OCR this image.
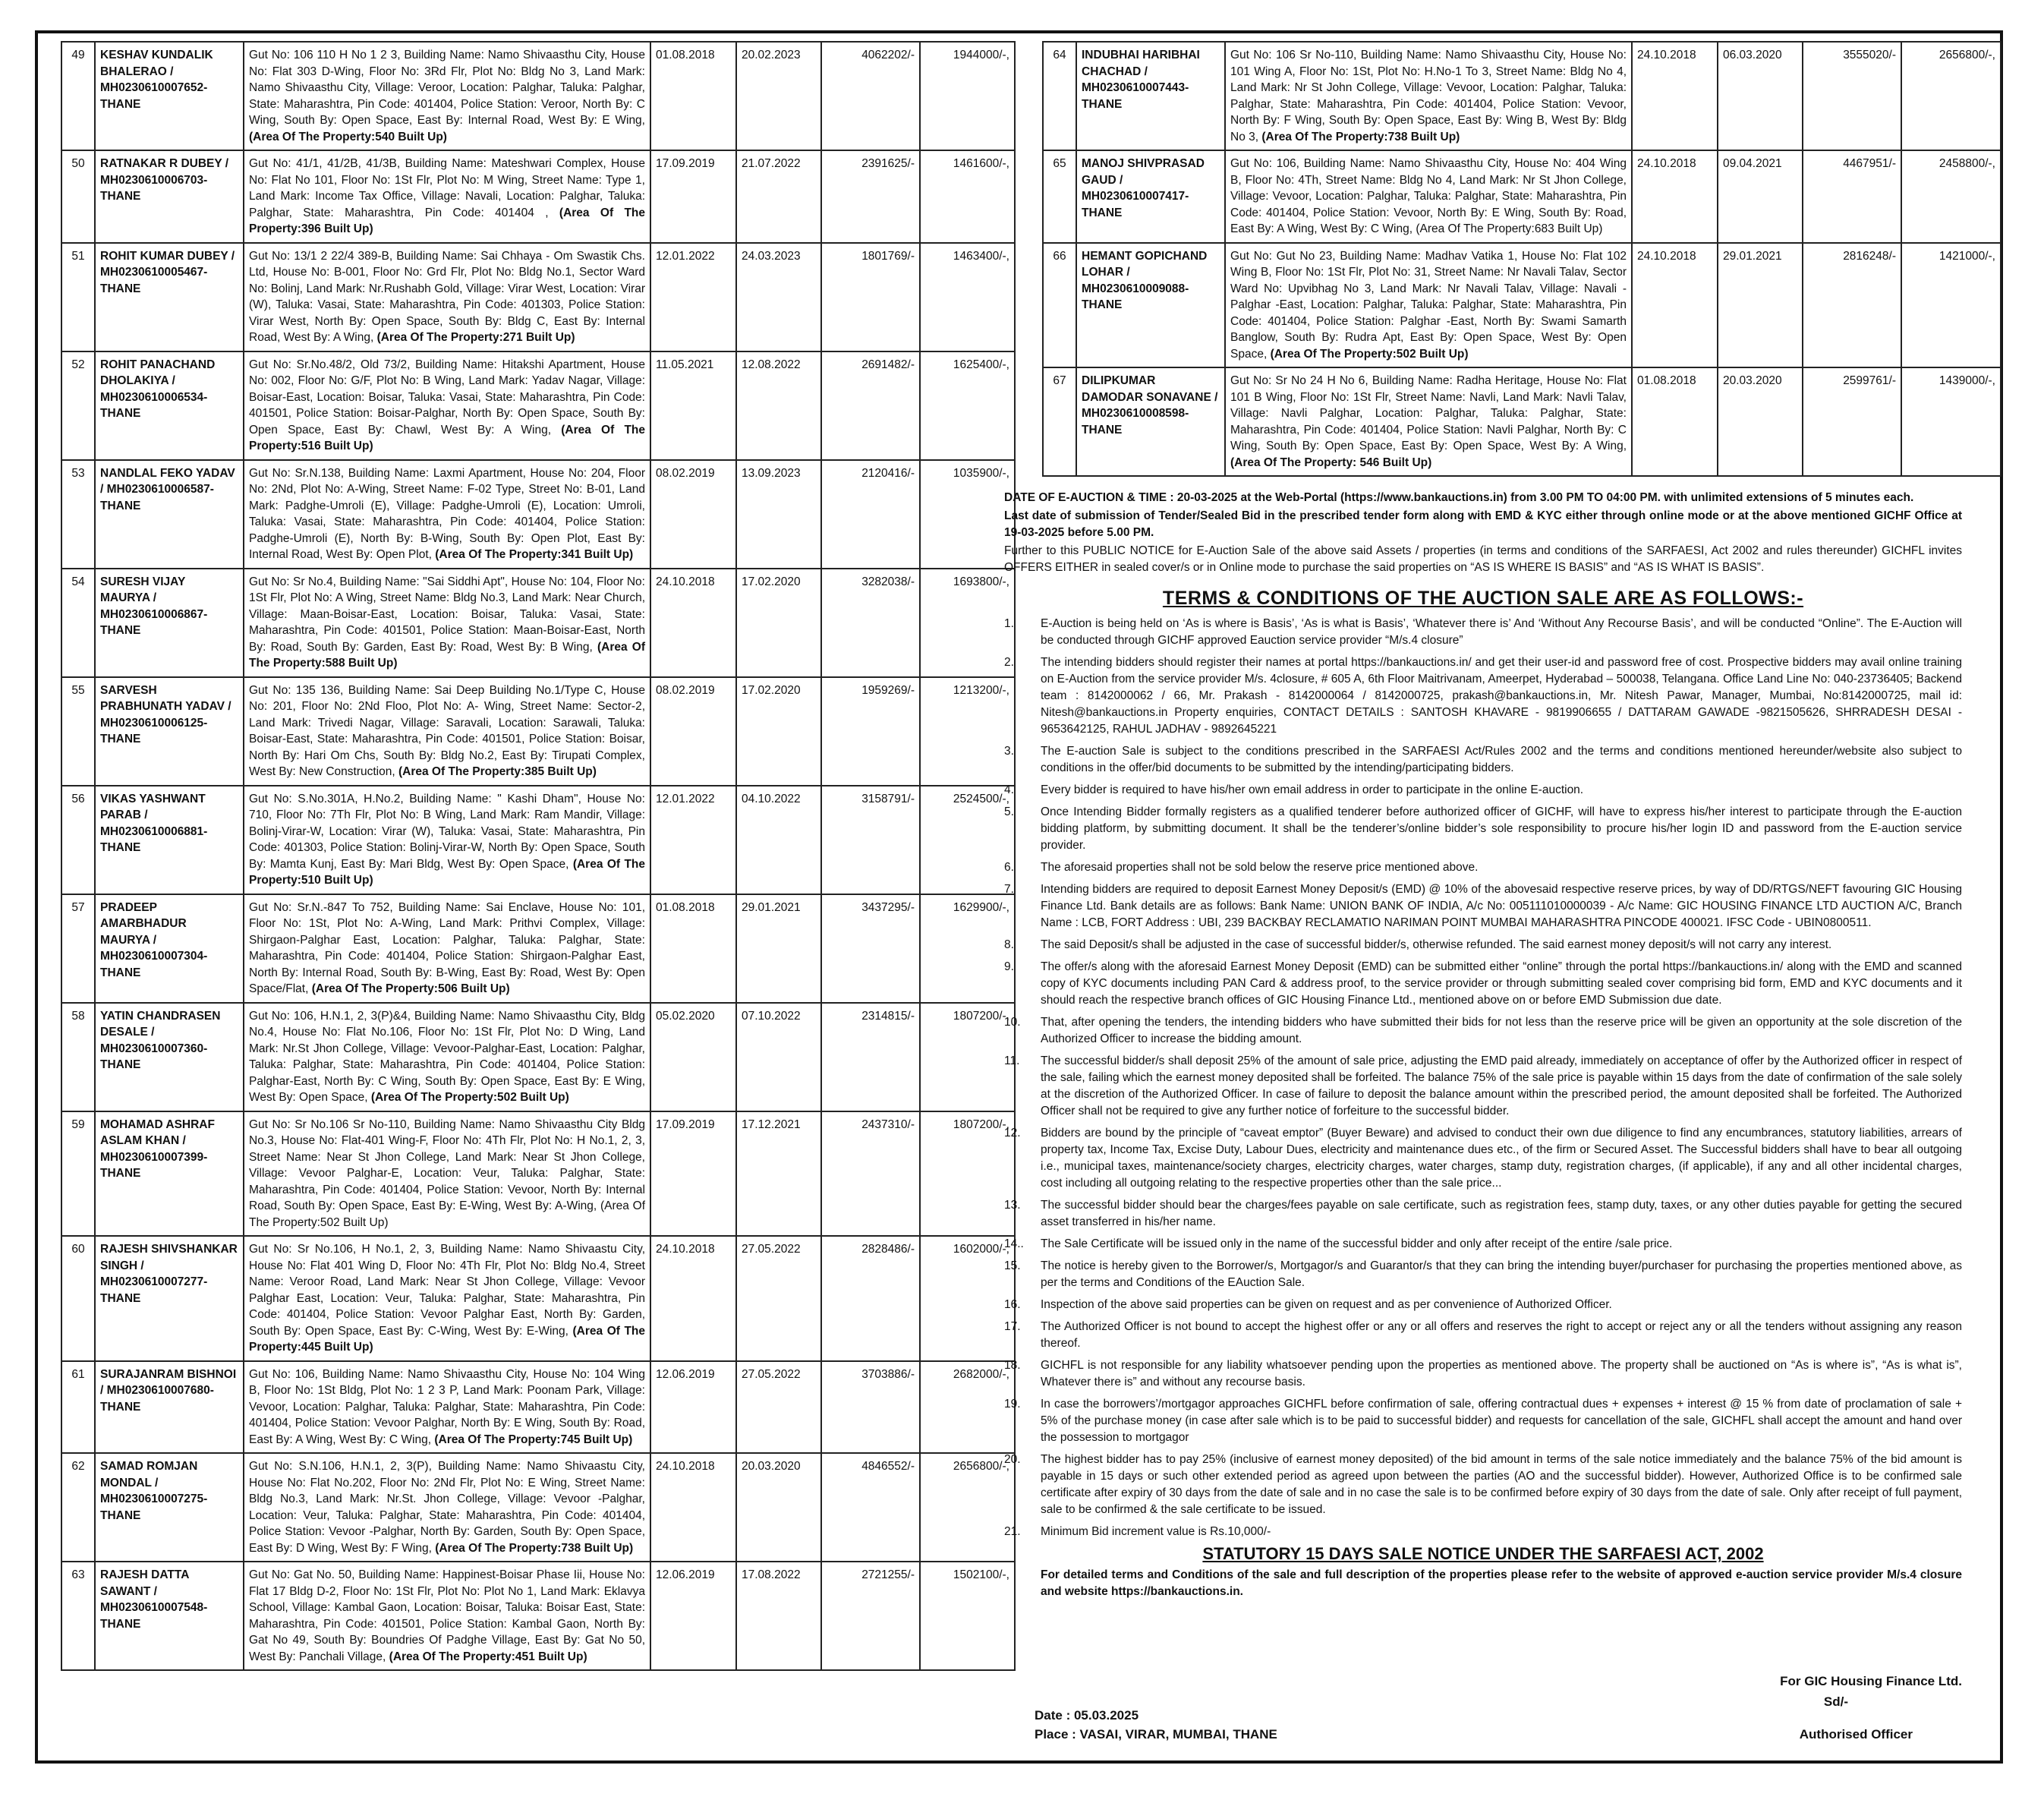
49	KESHAV KUNDALIK BHALERAO / MH0230610007652-THANE	Gut No: 106 110 H No 1 2 3, Building Name: Namo Shivaasthu City, House No: Flat 303 D-Wing, Floor No: 3Rd Flr, Plot No: Bldg No 3, Land Mark: Namo Shivaasthu City, Village: Veroor, Location: Palghar, Taluka: Palghar, State: Maharashtra, Pin Code: 401404, Police Station: Veroor, North By: C Wing, South By: Open Space, East By: Internal Road, West By: E Wing, (Area Of The Property:540 Built Up)	01.08.2018	20.02.2023	4062202/-	1944000/-,
50	RATNAKAR R DUBEY / MH0230610006703-THANE	Gut No: 41/1, 41/2B, 41/3B, Building Name: Mateshwari Complex, House No: Flat No 101, Floor No: 1St Flr, Plot No: M Wing, Street Name: Type 1, Land Mark: Income Tax Office, Village: Navali, Location: Palghar, Taluka: Palghar, State: Maharashtra, Pin Code: 401404 , (Area Of The Property:396 Built Up)	17.09.2019	21.07.2022	2391625/-	1461600/-,
51	ROHIT KUMAR DUBEY / MH0230610005467-THANE	Gut No: 13/1 2 22/4 389-B, Building Name: Sai Chhaya - Om Swastik Chs. Ltd, House No: B-001, Floor No: Grd Flr, Plot No: Bldg No.1, Sector Ward No: Bolinj, Land Mark: Nr.Rushabh Gold, Village: Virar West, Location: Virar (W), Taluka: Vasai, State: Maharashtra, Pin Code: 401303, Police Station: Virar West, North By: Open Space, South By: Bldg C, East By: Internal Road, West By: A Wing, (Area Of The Property:271 Built Up)	12.01.2022	24.03.2023	1801769/-	1463400/-,
52	ROHIT PANACHAND DHOLAKIYA / MH0230610006534-THANE	Gut No: Sr.No.48/2, Old 73/2, Building Name: Hitakshi Apartment, House No: 002, Floor No: G/F, Plot No: B Wing, Land Mark: Yadav Nagar, Village: Boisar-East, Location: Boisar, Taluka: Vasai, State: Maharashtra, Pin Code: 401501, Police Station: Boisar-Palghar, North By: Open Space, South By: Open Space, East By: Chawl, West By: A Wing, (Area Of The Property:516 Built Up)	11.05.2021	12.08.2022	2691482/-	1625400/-,
53	NANDLAL FEKO YADAV / MH0230610006587-THANE	Gut No: Sr.N.138, Building Name: Laxmi Apartment, House No: 204, Floor No: 2Nd, Plot No: A-Wing, Street Name: F-02 Type, Street No: B-01, Land Mark: Padghe-Umroli (E), Village: Padghe-Umroli (E), Location: Umroli, Taluka: Vasai, State: Maharashtra, Pin Code: 401404, Police Station: Padghe-Umroli (E), North By: B-Wing, South By: Open Plot, East By: Internal Road, West By: Open Plot, (Area Of The Property:341 Built Up)	08.02.2019	13.09.2023	2120416/-	1035900/-,
54	SURESH VIJAY MAURYA / MH0230610006867-THANE	Gut No: Sr No.4, Building Name: "Sai Siddhi Apt", House No: 104, Floor No: 1St Flr, Plot No: A Wing, Street Name: Bldg No.3, Land Mark: Near Church, Village: Maan-Boisar-East, Location: Boisar, Taluka: Vasai, State: Maharashtra, Pin Code: 401501, Police Station: Maan-Boisar-East, North By: Road, South By: Garden, East By: Road, West By: B Wing, (Area Of The Property:588 Built Up)	24.10.2018	17.02.2020	3282038/-	1693800/-,
55	SARVESH PRABHUNATH YADAV / MH0230610006125-THANE	Gut No: 135 136, Building Name: Sai Deep Building No.1/Type C, House No: 201, Floor No: 2Nd Floo, Plot No: A- Wing, Street Name: Sector-2, Land Mark: Trivedi Nagar, Village: Saravali, Location: Sarawali, Taluka: Boisar-East, State: Maharashtra, Pin Code: 401501, Police Station: Boisar, North By: Hari Om Chs, South By: Bldg No.2, East By: Tirupati Complex, West By: New Construction, (Area Of The Property:385 Built Up)	08.02.2019	17.02.2020	1959269/-	1213200/-,
56	VIKAS YASHWANT PARAB / MH0230610006881-THANE	Gut No: S.No.301A, H.No.2, Building Name: " Kashi Dham", House No: 710, Floor No: 7Th Flr, Plot No: B Wing, Land Mark: Ram Mandir, Village: Bolinj-Virar-W, Location: Virar (W), Taluka: Vasai, State: Maharashtra, Pin Code: 401303, Police Station: Bolinj-Virar-W, North By: Open Space, South By: Mamta Kunj, East By: Mari Bldg, West By: Open Space, (Area Of The Property:510 Built Up)	12.01.2022	04.10.2022	3158791/-	2524500/-,
57	PRADEEP AMARBHADUR MAURYA / MH0230610007304-THANE	Gut No: Sr.N.-847 To 752, Building Name: Sai Enclave, House No: 101, Floor No: 1St, Plot No: A-Wing, Land Mark: Prithvi Complex, Village: Shirgaon-Palghar East, Location: Palghar, Taluka: Palghar, State: Maharashtra, Pin Code: 401404, Police Station: Shirgaon-Palghar East, North By: Internal Road, South By: B-Wing, East By: Road, West By: Open Space/Flat, (Area Of The Property:506 Built Up)	01.08.2018	29.01.2021	3437295/-	1629900/-,
58	YATIN CHANDRASEN DESALE / MH0230610007360-THANE	Gut No: 106, H.N.1, 2, 3(P)&4, Building Name: Namo Shivaasthu City, Bldg No.4, House No: Flat No.106, Floor No: 1St Flr, Plot No: D Wing, Land Mark: Nr.St Jhon College, Village: Vevoor-Palghar-East, Location: Palghar, Taluka: Palghar, State: Maharashtra, Pin Code: 401404, Police Station: Palghar-East, North By: C Wing, South By: Open Space, East By: E Wing, West By: Open Space, (Area Of The Property:502 Built Up)	05.02.2020	07.10.2022	2314815/-	1807200/-,
59	MOHAMAD ASHRAF ASLAM KHAN / MH0230610007399-THANE	Gut No: Sr No.106 Sr No-110, Building Name: Namo Shivaasthu City Bldg No.3, House No: Flat-401 Wing-F, Floor No: 4Th Flr, Plot No: H No.1, 2, 3, Street Name: Near St Jhon College, Land Mark: Near St Jhon College, Village: Vevoor Palghar-E, Location: Veur, Taluka: Palghar, State: Maharashtra, Pin Code: 401404, Police Station: Vevoor, North By: Internal Road, South By: Open Space, East By: E-Wing, West By: A-Wing, (Area Of The Property:502 Built Up)	17.09.2019	17.12.2021	2437310/-	1807200/-,
60	RAJESH SHIVSHANKAR SINGH / MH0230610007277-THANE	Gut No: Sr No.106, H No.1, 2, 3, Building Name: Namo Shivaastu City, House No: Flat 401 Wing D, Floor No: 4Th Flr, Plot No: Bldg No.4, Street Name: Veroor Road, Land Mark: Near St Jhon College, Village: Vevoor Palghar East, Location: Veur, Taluka: Palghar, State: Maharashtra, Pin Code: 401404, Police Station: Vevoor Palghar East, North By: Garden, South By: Open Space, East By: C-Wing, West By: E-Wing, (Area Of The Property:445 Built Up)	24.10.2018	27.05.2022	2828486/-	1602000/-,
61	SURAJANRAM BISHNOI / MH0230610007680-THANE	Gut No: 106, Building Name: Namo Shivaasthu City, House No: 104 Wing B, Floor No: 1St Bldg, Plot No: 1 2 3 P, Land Mark: Poonam Park, Village: Vevoor, Location: Palghar, Taluka: Palghar, State: Maharashtra, Pin Code: 401404, Police Station: Vevoor Palghar, North By: E Wing, South By: Road, East By: A Wing, West By: C Wing, (Area Of The Property:745 Built Up)	12.06.2019	27.05.2022	3703886/-	2682000/-,
62	SAMAD ROMJAN MONDAL / MH0230610007275-THANE	Gut No: S.N.106, H.N.1, 2, 3(P), Building Name: Namo Shivaastu City, House No: Flat No.202, Floor No: 2Nd Flr, Plot No: E Wing, Street Name: Bldg No.3, Land Mark: Nr.St. Jhon College, Village: Vevoor -Palghar, Location: Veur, Taluka: Palghar, State: Maharashtra, Pin Code: 401404, Police Station: Vevoor -Palghar, North By: Garden, South By: Open Space, East By: D Wing, West By: F Wing, (Area Of The Property:738 Built Up)	24.10.2018	20.03.2020	4846552/-	2656800/-,
63	RAJESH DATTA SAWANT / MH0230610007548-THANE	Gut No: Gat No. 50, Building Name: Happinest-Boisar Phase Iii, House No: Flat 17 Bldg D-2, Floor No: 1St Flr, Plot No: Plot No 1, Land Mark: Eklavya School, Village: Kambal Gaon, Location: Boisar, Taluka: Boisar East, State: Maharashtra, Pin Code: 401501, Police Station: Kambal Gaon, North By: Gat No 49, South By: Boundries Of Padghe Village, East By: Gat No 50, West By: Panchali Village, (Area Of The Property:451 Built Up)	12.06.2019	17.08.2022	2721255/-	1502100/-,
64	INDUBHAI HARIBHAI CHACHAD / MH0230610007443-THANE	Gut No: 106 Sr No-110, Building Name: Namo Shivaasthu City, House No: 101 Wing A, Floor No: 1St, Plot No: H.No-1 To 3, Street Name: Bldg No 4, Land Mark: Nr St John College, Village: Vevoor, Location: Palghar, Taluka: Palghar, State: Maharashtra, Pin Code: 401404, Police Station: Vevoor, North By: F Wing, South By: Open Space, East By: Wing B, West By: Bldg No 3, (Area Of The Property:738 Built Up)	24.10.2018	06.03.2020	3555020/-	2656800/-,
65	MANOJ SHIVPRASAD GAUD / MH0230610007417-THANE	Gut No: 106, Building Name: Namo Shivaasthu City, House No: 404 Wing B, Floor No: 4Th, Street Name: Bldg No 4, Land Mark: Nr St Jhon College, Village: Vevoor, Location: Palghar, Taluka: Palghar, State: Maharashtra, Pin Code: 401404, Police Station: Vevoor, North By: E Wing, South By: Road, East By: A Wing, West By: C Wing, (Area Of The Property:683 Built Up)	24.10.2018	09.04.2021	4467951/-	2458800/-,
66	HEMANT GOPICHAND LOHAR / MH0230610009088-THANE	Gut No: Gut No 23, Building Name: Madhav Vatika 1, House No: Flat 102 Wing B, Floor No: 1St Flr, Plot No: 31, Street Name: Nr Navali Talav, Sector Ward No: Upvibhag No 3, Land Mark: Nr Navali Talav, Village: Navali -Palghar -East, Location: Palghar, Taluka: Palghar, State: Maharashtra, Pin Code: 401404, Police Station: Palghar -East, North By: Swami Samarth Banglow, South By: Rudra Apt, East By: Open Space, West By: Open Space, (Area Of The Property:502 Built Up)	24.10.2018	29.01.2021	2816248/-	1421000/-,
67	DILIPKUMAR DAMODAR SONAVANE / MH0230610008598-THANE	Gut No: Sr No 24 H No 6, Building Name: Radha Heritage, House No: Flat 101 B Wing, Floor No: 1St Flr, Street Name: Navli, Land Mark: Navli Talav, Village: Navli Palghar, Location: Palghar, Taluka: Palghar, State: Maharashtra, Pin Code: 401404, Police Station: Navli Palghar, North By: C Wing, South By: Open Space, East By: Open Space, West By: A Wing, (Area Of The Property: 546 Built Up)	01.08.2018	20.03.2020	2599761/-	1439000/-,

DATE OF E-AUCTION & TIME : 20-03-2025 at the Web-Portal (https://www.bankauctions.in) from 3.00 PM TO 04:00 PM. with unlimited extensions of 5 minutes each.

Last date of submission of Tender/Sealed Bid in the prescribed tender form along with EMD & KYC either through online mode or at the above mentioned GICHF Office at 19-03-2025 before 5.00 PM.

Further to this PUBLIC NOTICE for E-Auction Sale of the above said Assets / properties (in terms and conditions of the SARFAESI, Act 2002 and rules thereunder) GICHFL invites OFFERS EITHER in sealed cover/s or in Online mode to purchase the said properties on “AS IS WHERE IS BASIS” and “AS IS WHAT IS BASIS”.

TERMS & CONDITIONS OF THE AUCTION SALE ARE AS FOLLOWS:-
1.	E-Auction is being held on ‘As is where is Basis’, ‘As is what is Basis’, ‘Whatever there is’ And ‘Without Any Recourse Basis’, and will be conducted “Online”. The E-Auction will be conducted through GICHF approved Eauction service provider “M/s.4 closure”
2.	The intending bidders should register their names at portal https://bankauctions.in/ and get their user-id and password free of cost. Prospective bidders may avail online training on E-Auction from the service provider M/s. 4closure, # 605 A, 6th Floor Maitrivanam, Ameerpet, Hyderabad – 500038, Telangana. Office Land Line No: 040-23736405; Backend team : 8142000062 / 66, Mr. Prakash - 8142000064 / 8142000725, prakash@bankauctions.in, Mr. Nitesh Pawar, Manager, Mumbai, No:8142000725, mail id: Nitesh@bankauctions.in Property enquiries, CONTACT DETAILS : SANTOSH KHAVARE - 9819906655 / DATTARAM GAWADE -9821505626, SHRRADESH DESAI - 9653642125, RAHUL JADHAV - 9892645221
3.	The E-auction Sale is subject to the conditions prescribed in the SARFAESI Act/Rules 2002 and the terms and conditions mentioned hereunder/website also subject to conditions in the offer/bid documents to be submitted by the intending/participating bidders.
4.	Every bidder is required to have his/her own email address in order to participate in the online E-auction.
5.	Once Intending Bidder formally registers as a qualified tenderer before authorized officer of GICHF, will have to express his/her interest to participate through the E-auction bidding platform, by submitting document. It shall be the tenderer’s/online bidder’s sole responsibility to procure his/her login ID and password from the E-auction service provider.
6.	The aforesaid properties shall not be sold below the reserve price mentioned above.
7.	Intending bidders are required to deposit Earnest Money Deposit/s (EMD) @ 10% of the abovesaid respective reserve prices, by way of DD/RTGS/NEFT favouring GIC Housing Finance Ltd. Bank details are as follows: Bank Name: UNION BANK OF INDIA, A/c No: 005111010000039 - A/c Name: GIC HOUSING FINANCE LTD AUCTION A/C, Branch Name : LCB, FORT Address : UBI, 239 BACKBAY RECLAMATIO NARIMAN POINT MUMBAI MAHARASHTRA PINCODE 400021. IFSC Code - UBIN0800511.
8.	The said Deposit/s shall be adjusted in the case of successful bidder/s, otherwise refunded. The said earnest money deposit/s will not carry any interest.
9.	The offer/s along with the aforesaid Earnest Money Deposit (EMD) can be submitted either “online” through the portal https://bankauctions.in/ along with the EMD and scanned copy of KYC documents including PAN Card & address proof, to the service provider or through submitting sealed cover comprising bid form, EMD and KYC documents and it should reach the respective branch offices of GIC Housing Finance Ltd., mentioned above on or before EMD Submission due date.
10.	That, after opening the tenders, the intending bidders who have submitted their bids for not less than the reserve price will be given an opportunity at the sole discretion of the Authorized Officer to increase the bidding amount.
11.	The successful bidder/s shall deposit 25% of the amount of sale price, adjusting the EMD paid already, immediately on acceptance of offer by the Authorized officer in respect of the sale, failing which the earnest money deposited shall be forfeited. The balance 75% of the sale price is payable within 15 days from the date of confirmation of the sale solely at the discretion of the Authorized Officer. In case of failure to deposit the balance amount within the prescribed period, the amount deposited shall be forfeited. The Authorized Officer shall not be required to give any further notice of forfeiture to the successful bidder.
12.	Bidders are bound by the principle of “caveat emptor” (Buyer Beware) and advised to conduct their own due diligence to find any encumbrances, statutory liabilities, arrears of property tax, Income Tax, Excise Duty, Labour Dues, electricity and maintenance dues etc., of the firm or Secured Asset. The Successful bidders shall have to bear all outgoing i.e., municipal taxes, maintenance/society charges, electricity charges, water charges, stamp duty, registration charges, (if applicable), if any and all other incidental charges, cost including all outgoing relating to the respective properties other than the sale price...
13.	The successful bidder should bear the charges/fees payable on sale certificate, such as registration fees, stamp duty, taxes, or any other duties payable for getting the secured asset transferred in his/her name.
14..	The Sale Certificate will be issued only in the name of the successful bidder and only after receipt of the entire /sale price.
15.	The notice is hereby given to the Borrower/s, Mortgagor/s and Guarantor/s that they can bring the intending buyer/purchaser for purchasing the properties mentioned above, as per the terms and Conditions of the EAuction Sale.
16.	Inspection of the above said properties can be given on request and as per convenience of Authorized Officer.
17.	The Authorized Officer is not bound to accept the highest offer or any or all offers and reserves the right to accept or reject any or all the tenders without assigning any reason thereof.
18.	GICHFL is not responsible for any liability whatsoever pending upon the properties as mentioned above. The property shall be auctioned on “As is where is”, “As is what is”, Whatever there is” and without any recourse basis.
19.	In case the borrowers’/mortgagor approaches GICHFL before confirmation of sale, offering contractual dues + expenses + interest @ 15 % from date of proclamation of sale + 5% of the purchase money (in case after sale which is to be paid to successful bidder) and requests for cancellation of the sale, GICHFL shall accept the amount and hand over the possession to mortgagor
20.	The highest bidder has to pay 25% (inclusive of earnest money deposited) of the bid amount in terms of the sale notice immediately and the balance 75% of the bid amount is payable in 15 days or such other extended period as agreed upon between the parties (AO and the successful bidder). However, Authorized Office is to be confirmed sale certificate after expiry of 30 days from the date of sale and in no case the sale is to be confirmed before expiry of 30 days from the date of sale. Only after receipt of full payment, sale to be confirmed & the sale certificate to be issued.
21.	Minimum Bid increment value is Rs.10,000/-
STATUTORY 15 DAYS SALE NOTICE UNDER THE SARFAESI ACT, 2002
For detailed terms and Conditions of the sale and full description of the properties please refer to the website of approved e-auction service provider M/s.4 closure and website https://bankauctions.in.
For GIC Housing Finance Ltd.
Sd/-
Date : 05.03.2025
Place : VASAI, VIRAR, MUMBAI, THANE	Authorised Officer
